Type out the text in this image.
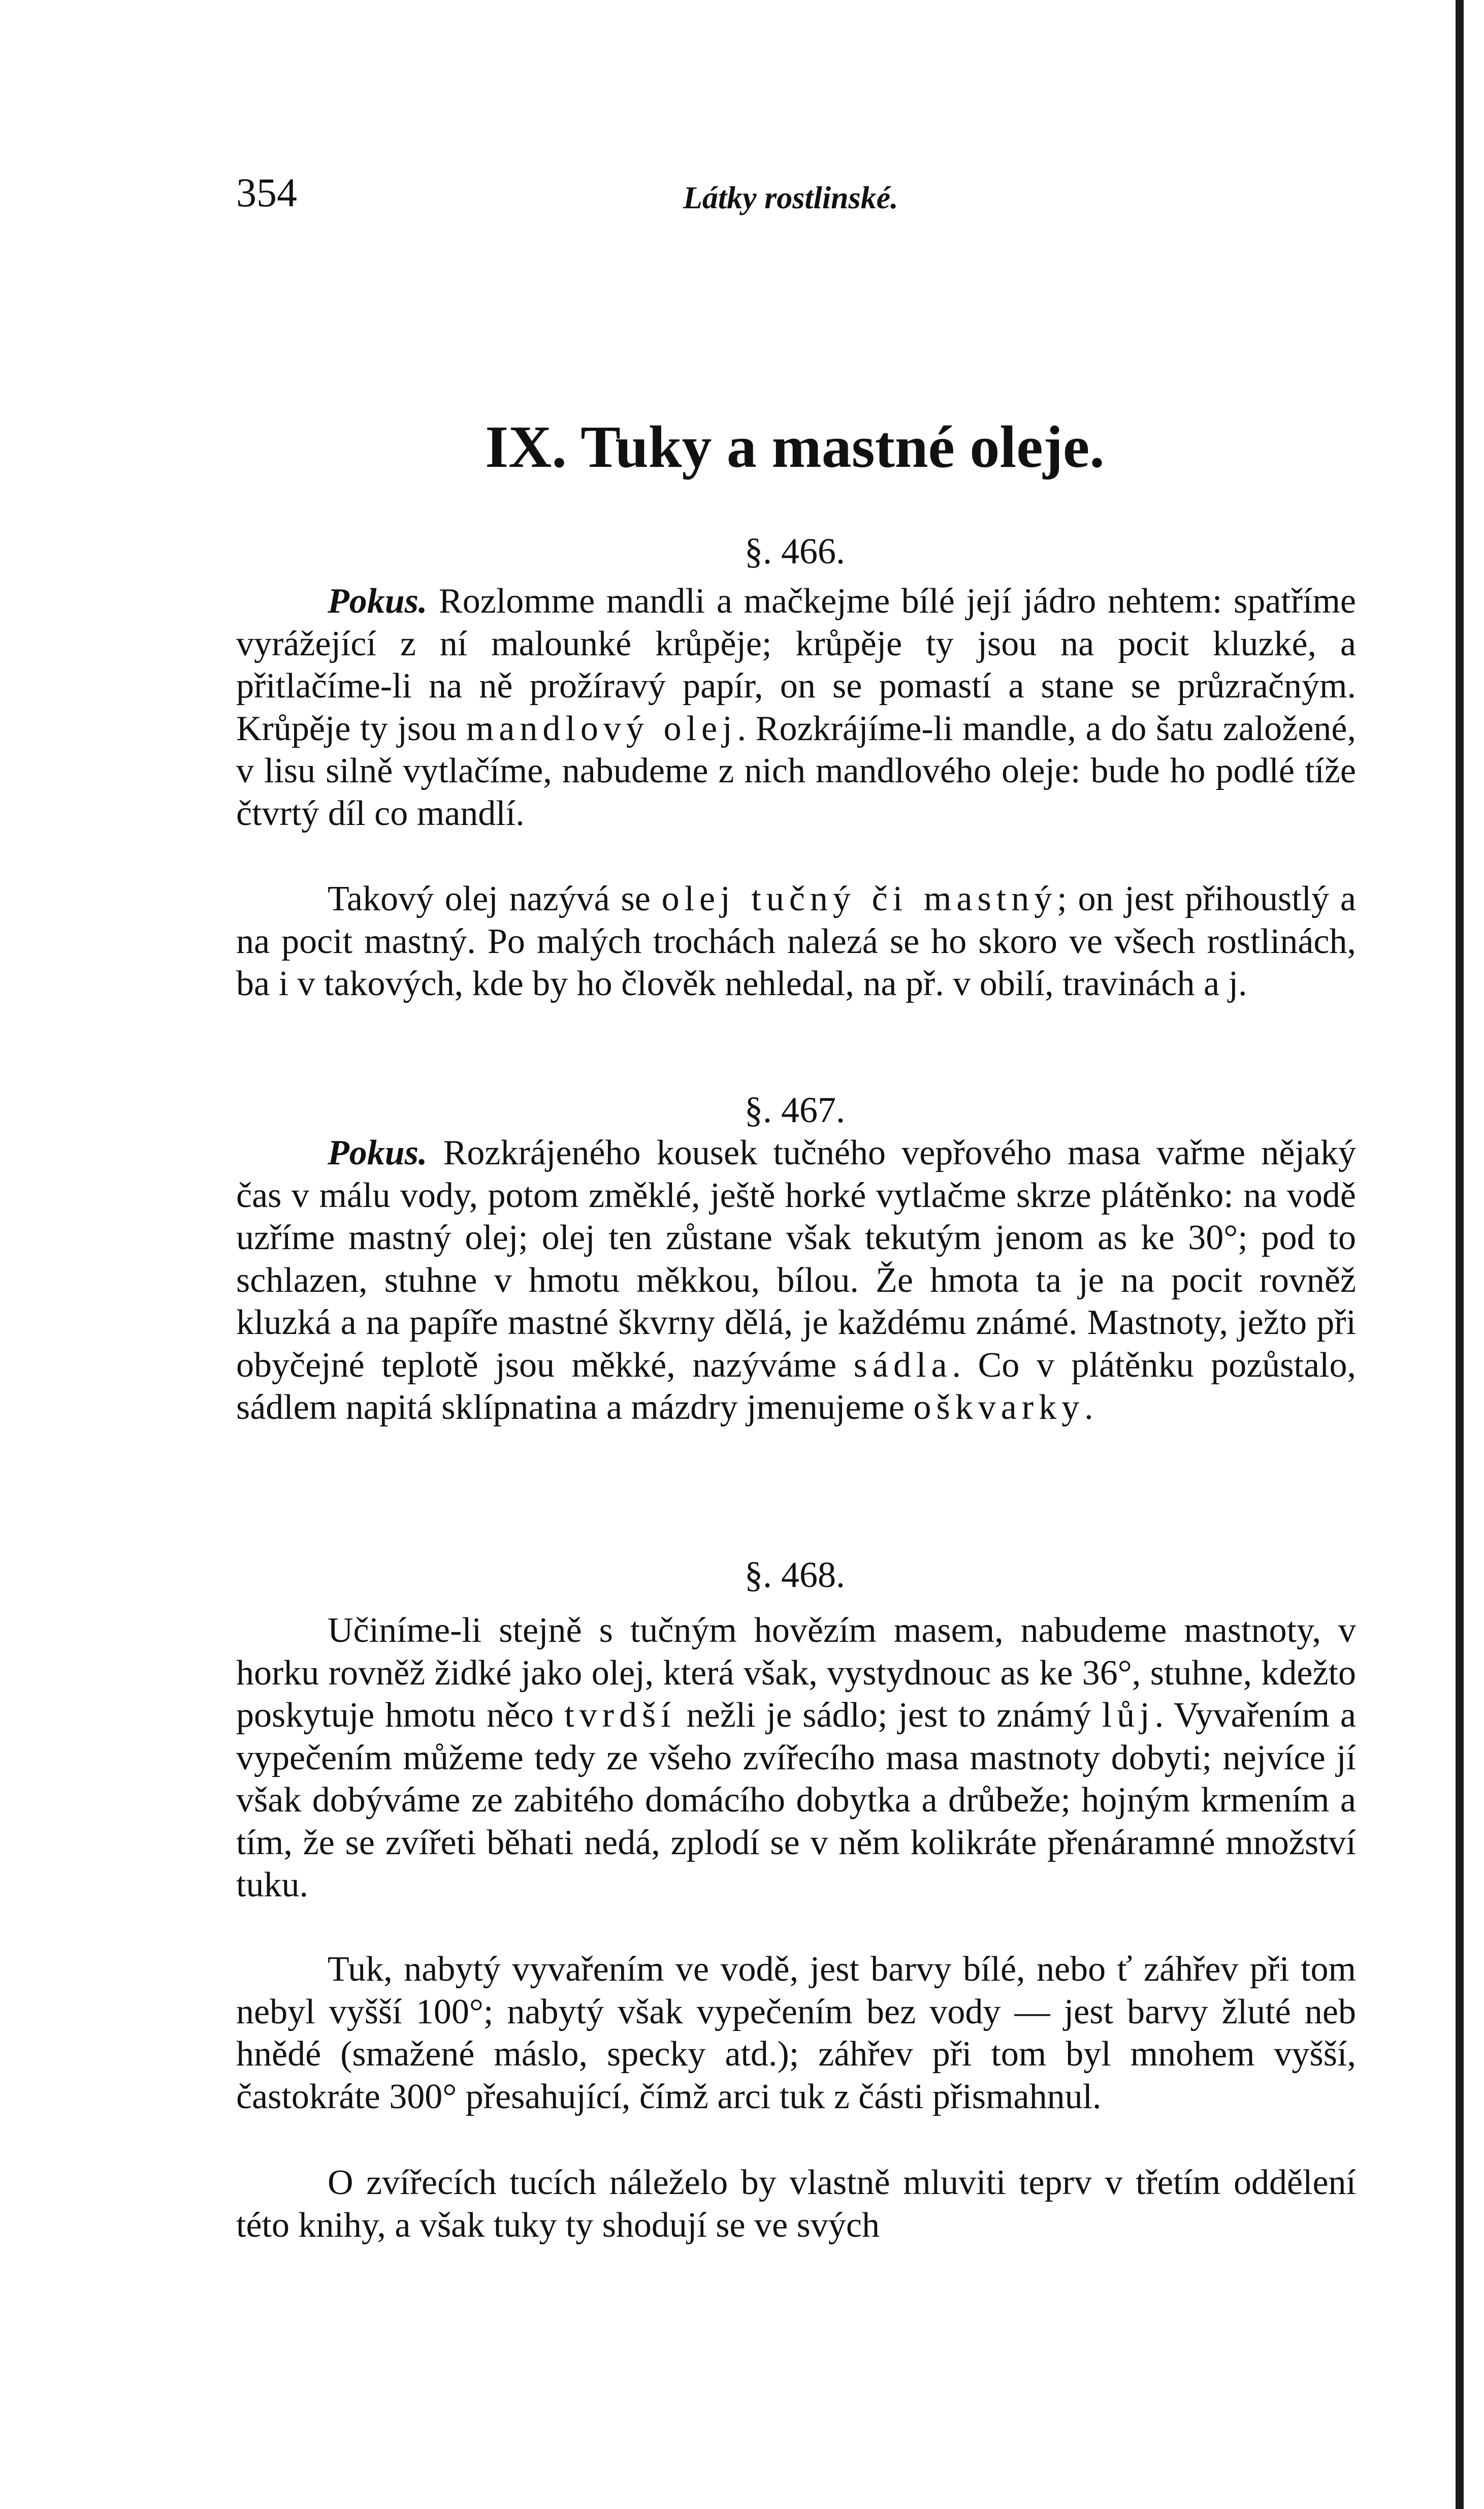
354	Látky rostlinské.
IX. Tuky a mastné oleje.
§. 466.

Pokus. Rozlomme mandli a mačkejme bílé její jádro nehtem: spatříme vyrážející z ní malounké krůpěje; krůpěje ty jsou na pocit kluzké, a přitlačíme-li na ně prožíravý papír, on se pomastí a stane se průzračným. Krůpěje ty jsou mandlový olej. Rozkrájíme-li mandle, a do šatu založené, v lisu silně vytlačíme, nabudeme z nich mandlového oleje: bude ho podlé tíže čtvrtý díl co mandlí.

Takový olej nazývá se olej tučný či mastný; on jest přihoustlý a na pocit mastný. Po malých trochách nalezá se ho skoro ve všech rostlinách, ba i v takových, kde by ho člověk nehledal, na př. v obilí, travinách a j.

§. 467.

Pokus. Rozkrájeného kousek tučného vepřového masa vařme nějaký čas v málu vody, potom změklé, ještě horké vytlačme skrze plátěnko: na vodě uzříme mastný olej; olej ten zůstane však tekutým jenom as ke 30°; pod to schlazen, stuhne v hmotu měkkou, bílou. Že hmota ta je na pocit rovněž kluzká a na papíře mastné škvrny dělá, je každému známé. Mastnoty, ježto při obyčejné teplotě jsou měkké, nazýváme sádla. Co v plátěnku pozůstalo, sádlem napitá sklípnatina a mázdry jmenujeme oškvarky.

§. 468.

Učiníme-li stejně s tučným hovězím masem, nabudeme mastnoty, v horku rovněž židké jako olej, která však, vystydnouc as ke 36°, stuhne, kdežto poskytuje hmotu něco tvrdší nežli je sádlo; jest to známý lůj. Vyvařením a vypečením můžeme tedy ze všeho zvířecího masa mastnoty dobyti; nejvíce jí však dobýváme ze zabitého domácího dobytka a drůbeže; hojným krmením a tím, že se zvířeti běhati nedá, zplodí se v něm kolikráte přenáramné množství tuku.

Tuk, nabytý vyvařením ve vodě, jest barvy bílé, nebo ť záhřev při tom nebyl vyšší 100°; nabytý však vypečením bez vody — jest barvy žluté neb hnědé (smažené máslo, specky atd.); záhřev při tom byl mnohem vyšší, častokráte 300° přesahující, čímž arci tuk z části přismahnul.

O zvířecích tucích náleželo by vlastně mluviti teprv v třetím oddělení této knihy, a však tuky ty shodují se ve svých
